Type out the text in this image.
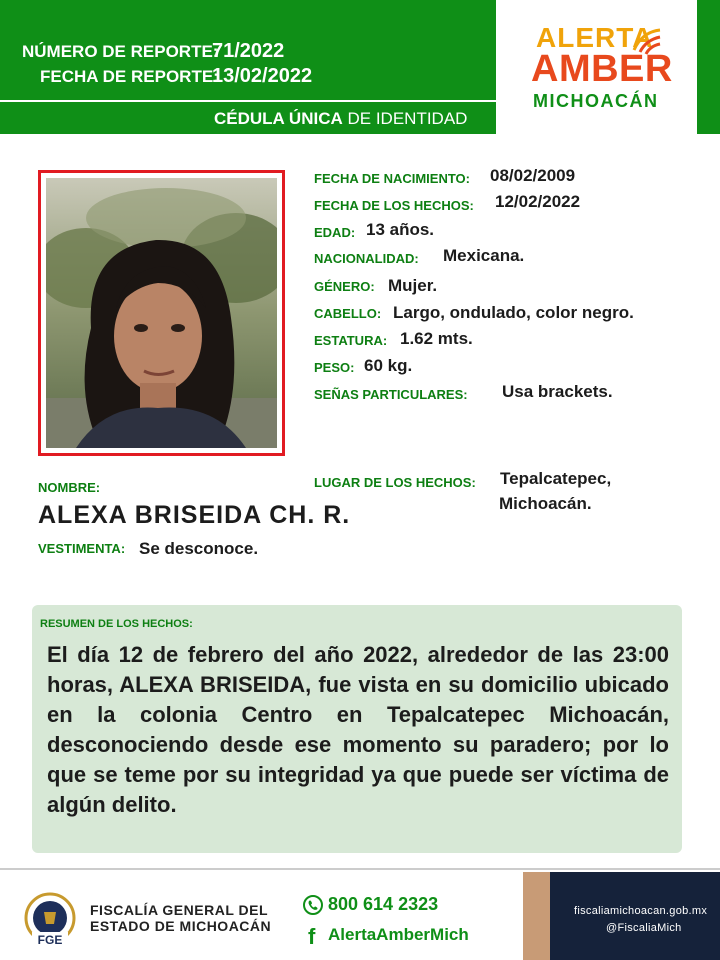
NÚMERO DE REPORTE:
71/2022
FECHA DE REPORTE:
13/02/2022
CÉDULA ÚNICA DE IDENTIDAD
ALERTA
AMBER
MICHOACÁN
FECHA DE NACIMIENTO: 08/02/2009
FECHA DE LOS HECHOS: 12/02/2022
EDAD: 13 años.
NACIONALIDAD: Mexicana.
GÉNERO: Mujer.
CABELLO: Largo, ondulado, color negro.
ESTATURA: 1.62 mts.
PESO: 60 kg.
SEÑAS PARTICULARES: Usa brackets.
LUGAR DE LOS HECHOS: Tepalcatepec,
Michoacán.
NOMBRE:
ALEXA BRISEIDA CH. R.
VESTIMENTA: Se desconoce.
RESUMEN DE LOS HECHOS:
El día 12 de febrero del año 2022, alrededor de las 23:00 horas, ALEXA BRISEIDA, fue vista en su domicilio ubicado en la colonia Centro en Tepalcatepec Michoacán, desconociendo desde ese momento su paradero; por lo que se teme por su integridad ya que puede ser víctima de algún delito.
FGE
FISCALÍA GENERAL DEL
ESTADO DE MICHOACÁN
800 614 2323
f AlertaAmberMich
fiscaliamichoacan.gob.mx
@FiscaliaMich
